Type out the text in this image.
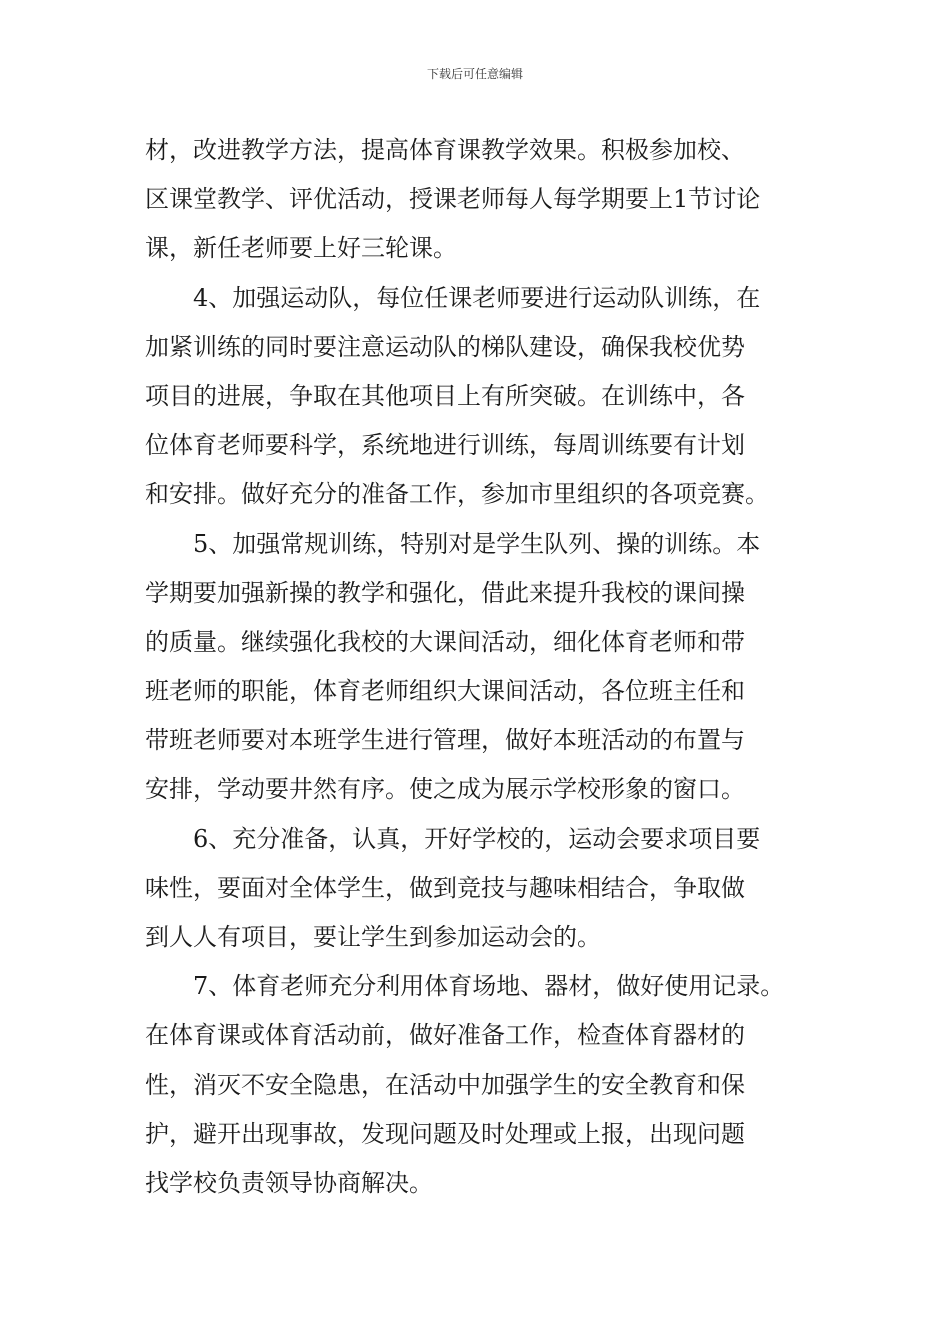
下载后可任意编辑
材，改进教学方法，提高体育课教学效果。积极参加校、
区课堂教学、评优活动，授课老师每人每学期要上1节讨论
课，新任老师要上好三轮课。
4、加强运动队，每位任课老师要进行运动队训练，在
加紧训练的同时要注意运动队的梯队建设，确保我校优势
项目的进展，争取在其他项目上有所突破。在训练中，各
位体育老师要科学，系统地进行训练，每周训练要有计划
和安排。做好充分的准备工作，参加市里组织的各项竞赛。
5、加强常规训练，特别对是学生队列、操的训练。本
学期要加强新操的教学和强化，借此来提升我校的课间操
的质量。继续强化我校的大课间活动，细化体育老师和带
班老师的职能，体育老师组织大课间活动，各位班主任和
带班老师要对本班学生进行管理，做好本班活动的布置与
安排，学动要井然有序。使之成为展示学校形象的窗口。
6、充分准备，认真，开好学校的，运动会要求项目要
味性，要面对全体学生，做到竞技与趣味相结合，争取做
到人人有项目，要让学生到参加运动会的。
7、体育老师充分利用体育场地、器材，做好使用记录。
在体育课或体育活动前，做好准备工作，检查体育器材的
性，消灭不安全隐患，在活动中加强学生的安全教育和保
护，避开出现事故，发现问题及时处理或上报，出现问题
找学校负责领导协商解决。
